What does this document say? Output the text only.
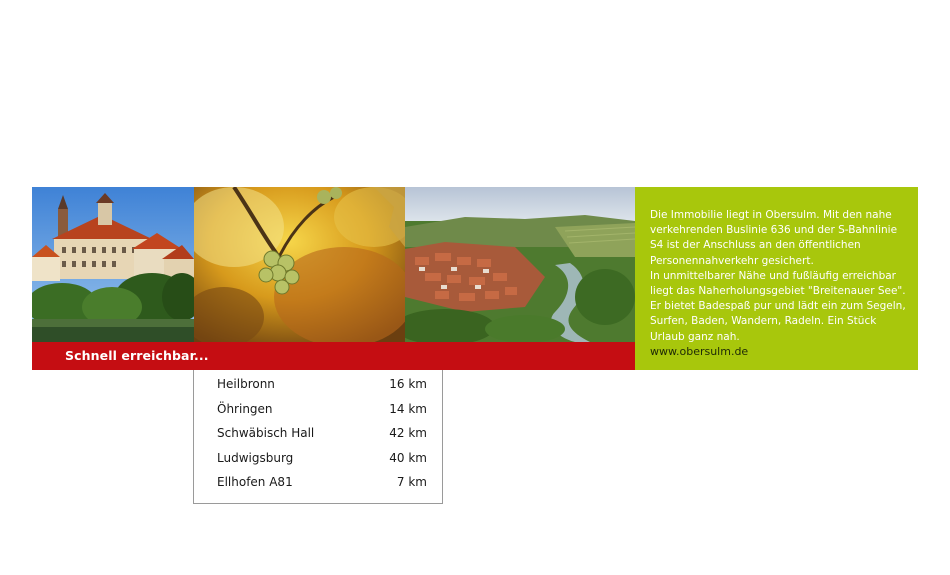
Schnell erreichbar...
Die Immobilie liegt in Obersulm. Mit den nahe verkehrenden Buslinie 636 und der S-Bahnlinie S4 ist der Anschluss an den öffentlichen Personennahverkehr gesichert.
In unmittelbarer Nähe und fußläufig erreichbar liegt das Naherholungsgebiet "Breitenauer See". Er bietet Badespaß pur und lädt ein zum Segeln, Surfen, Baden, Wandern, Radeln. Ein Stück Urlaub ganz nah.
www.obersulm.de
Heilbronn	16 km
Öhringen	14 km
Schwäbisch Hall	42 km
Ludwigsburg	40 km
Ellhofen A81	7 km
